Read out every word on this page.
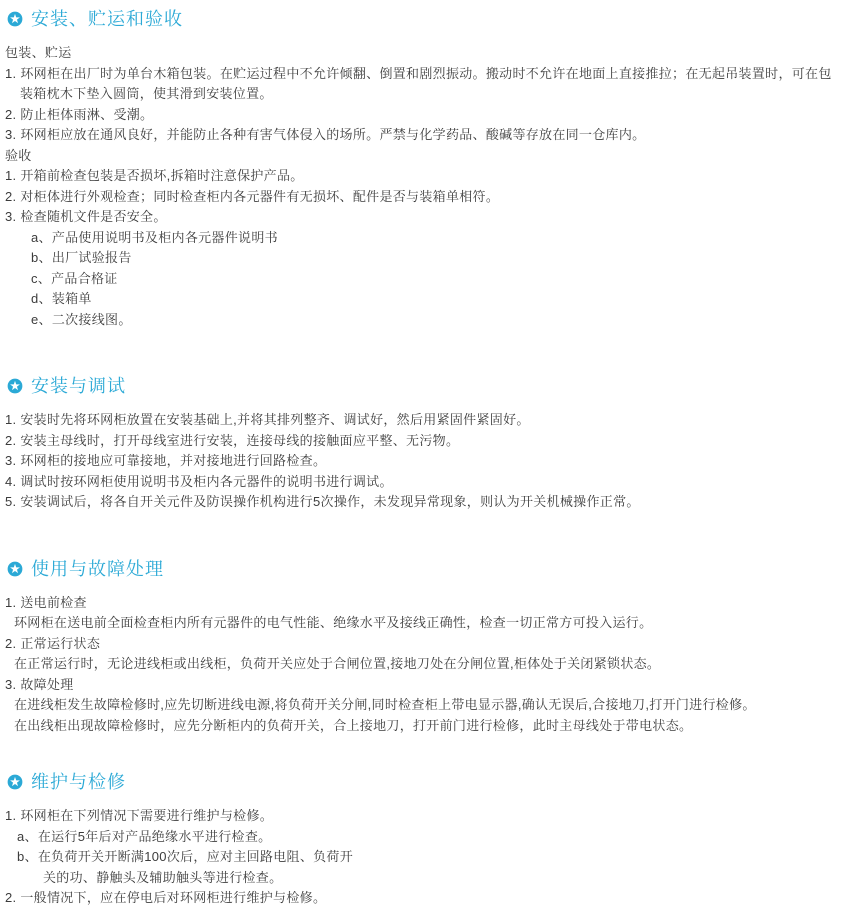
安装、贮运和验收
包装、贮运
1. 环网柜在出厂时为单台木箱包装。在贮运过程中不允许倾翻、倒置和剧烈振动。搬动时不允许在地面上直接推拉；在无起吊装置时，可在包
装箱枕木下垫入圆筒，使其滑到安装位置。
2. 防止柜体雨淋、受潮。
3. 环网柜应放在通风良好，并能防止各种有害气体侵入的场所。严禁与化学药品、酸碱等存放在同一仓库内。
验收
1. 开箱前检查包装是否损坏,拆箱时注意保护产品。
2. 对柜体进行外观检查；同时检查柜内各元器件有无损坏、配件是否与装箱单相符。
3. 检查随机文件是否安全。
a、产品使用说明书及柜内各元器件说明书
b、出厂试验报告
c、产品合格证
d、装箱单
e、二次接线图。
安装与调试
1. 安装时先将环网柜放置在安装基础上,并将其排列整齐、调试好，然后用紧固件紧固好。
2. 安装主母线时，打开母线室进行安装，连接母线的接触面应平整、无污物。
3. 环网柜的接地应可靠接地，并对接地进行回路检查。
4. 调试时按环网柜使用说明书及柜内各元器件的说明书进行调试。
5. 安装调试后，将各自开关元件及防误操作机构进行5次操作，未发现异常现象，则认为开关机械操作正常。
使用与故障处理
1. 送电前检查
环网柜在送电前全面检查柜内所有元器件的电气性能、绝缘水平及接线正确性，检查一切正常方可投入运行。
2. 正常运行状态
在正常运行时，无论进线柜或出线柜，负荷开关应处于合闸位置,接地刀处在分闸位置,柜体处于关闭紧锁状态。
3. 故障处理
在进线柜发生故障检修时,应先切断进线电源,将负荷开关分闸,同时检查柜上带电显示器,确认无误后,合接地刀,打开门进行检修。
在出线柜出现故障检修时，应先分断柜内的负荷开关，合上接地刀，打开前门进行检修，此时主母线处于带电状态。
维护与检修
1. 环网柜在下列情况下需要进行维护与检修。
a、在运行5年后对产品绝缘水平进行检查。
b、在负荷开关开断满100次后，应对主回路电阻、负荷开
关的功、静触头及辅助触头等进行检查。
2. 一般情况下，应在停电后对环网柜进行维护与检修。
